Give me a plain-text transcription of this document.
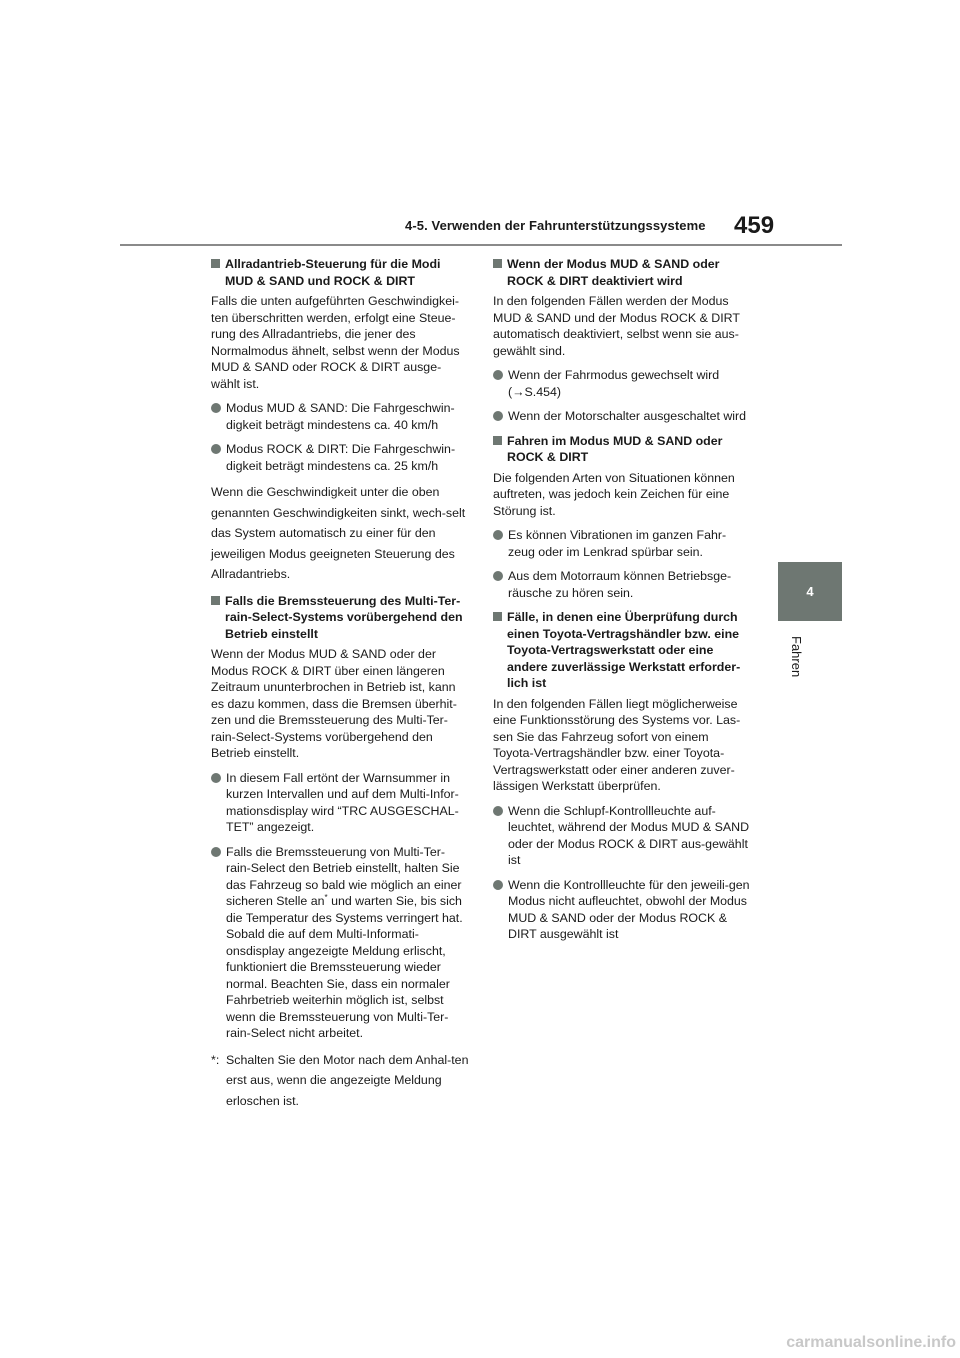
4-5. Verwenden der Fahrunterstützungssysteme 459
4
Fahren
Allradantrieb-Steuerung für die Modi MUD & SAND und ROCK & DIRT

Falls die unten aufgeführten Geschwindigkei-ten überschritten werden, erfolgt eine Steue-rung des Allradantriebs, die jener des Normalmodus ähnelt, selbst wenn der Modus MUD & SAND oder ROCK & DIRT ausge-wählt ist.

Modus MUD & SAND: Die Fahrgeschwin-digkeit beträgt mindestens ca. 40 km/h
Modus ROCK & DIRT: Die Fahrgeschwin-digkeit beträgt mindestens ca. 25 km/h

Wenn die Geschwindigkeit unter die oben genannten Geschwindigkeiten sinkt, wech-selt das System automatisch zu einer für den jeweiligen Modus geeigneten Steuerung des Allradantriebs.

Falls die Bremssteuerung des Multi-Ter-rain-Select-Systems vorübergehend den Betrieb einstellt

Wenn der Modus MUD & SAND oder der Modus ROCK & DIRT über einen längeren Zeitraum ununterbrochen in Betrieb ist, kann es dazu kommen, dass die Bremsen überhit-zen und die Bremssteuerung des Multi-Ter-rain-Select-Systems vorübergehend den Betrieb einstellt.

In diesem Fall ertönt der Warnsummer in kurzen Intervallen und auf dem Multi-Infor-mationsdisplay wird “TRC AUSGESCHAL-TET” angezeigt.
Falls die Bremssteuerung von Multi-Ter-rain-Select den Betrieb einstellt, halten Sie das Fahrzeug so bald wie möglich an einer sicheren Stelle an* und warten Sie, bis sich die Temperatur des Systems verringert hat. Sobald die auf dem Multi-Informati-onsdisplay angezeigte Meldung erlischt, funktioniert die Bremssteuerung wieder normal. Beachten Sie, dass ein normaler Fahrbetrieb weiterhin möglich ist, selbst wenn die Bremssteuerung von Multi-Ter-rain-Select nicht arbeitet.
*: Schalten Sie den Motor nach dem Anhal-ten erst aus, wenn die angezeigte Meldung erloschen ist.
Wenn der Modus MUD & SAND oder ROCK & DIRT deaktiviert wird

In den folgenden Fällen werden der Modus MUD & SAND und der Modus ROCK & DIRT automatisch deaktiviert, selbst wenn sie aus-gewählt sind.

Wenn der Fahrmodus gewechselt wird
(→S.454)
Wenn der Motorschalter ausgeschaltet wird
Fahren im Modus MUD & SAND oder ROCK & DIRT

Die folgenden Arten von Situationen können auftreten, was jedoch kein Zeichen für eine Störung ist.

Es können Vibrationen im ganzen Fahr-zeug oder im Lenkrad spürbar sein.
Aus dem Motorraum können Betriebsge-räusche zu hören sein.
Fälle, in denen eine Überprüfung durch einen Toyota-Vertragshändler bzw. eine Toyota-Vertragswerkstatt oder eine andere zuverlässige Werkstatt erforder-lich ist

In den folgenden Fällen liegt möglicherweise eine Funktionsstörung des Systems vor. Las-sen Sie das Fahrzeug sofort von einem Toyota-Vertragshändler bzw. einer Toyota-Vertragswerkstatt oder einer anderen zuver-lässigen Werkstatt überprüfen.

Wenn die Schlupf-Kontrollleuchte auf-leuchtet, während der Modus MUD & SAND oder der Modus ROCK & DIRT aus-gewählt ist
Wenn die Kontrollleuchte für den jeweili-gen Modus nicht aufleuchtet, obwohl der Modus MUD & SAND oder der Modus ROCK & DIRT ausgewählt ist
carmanualsonline.info
